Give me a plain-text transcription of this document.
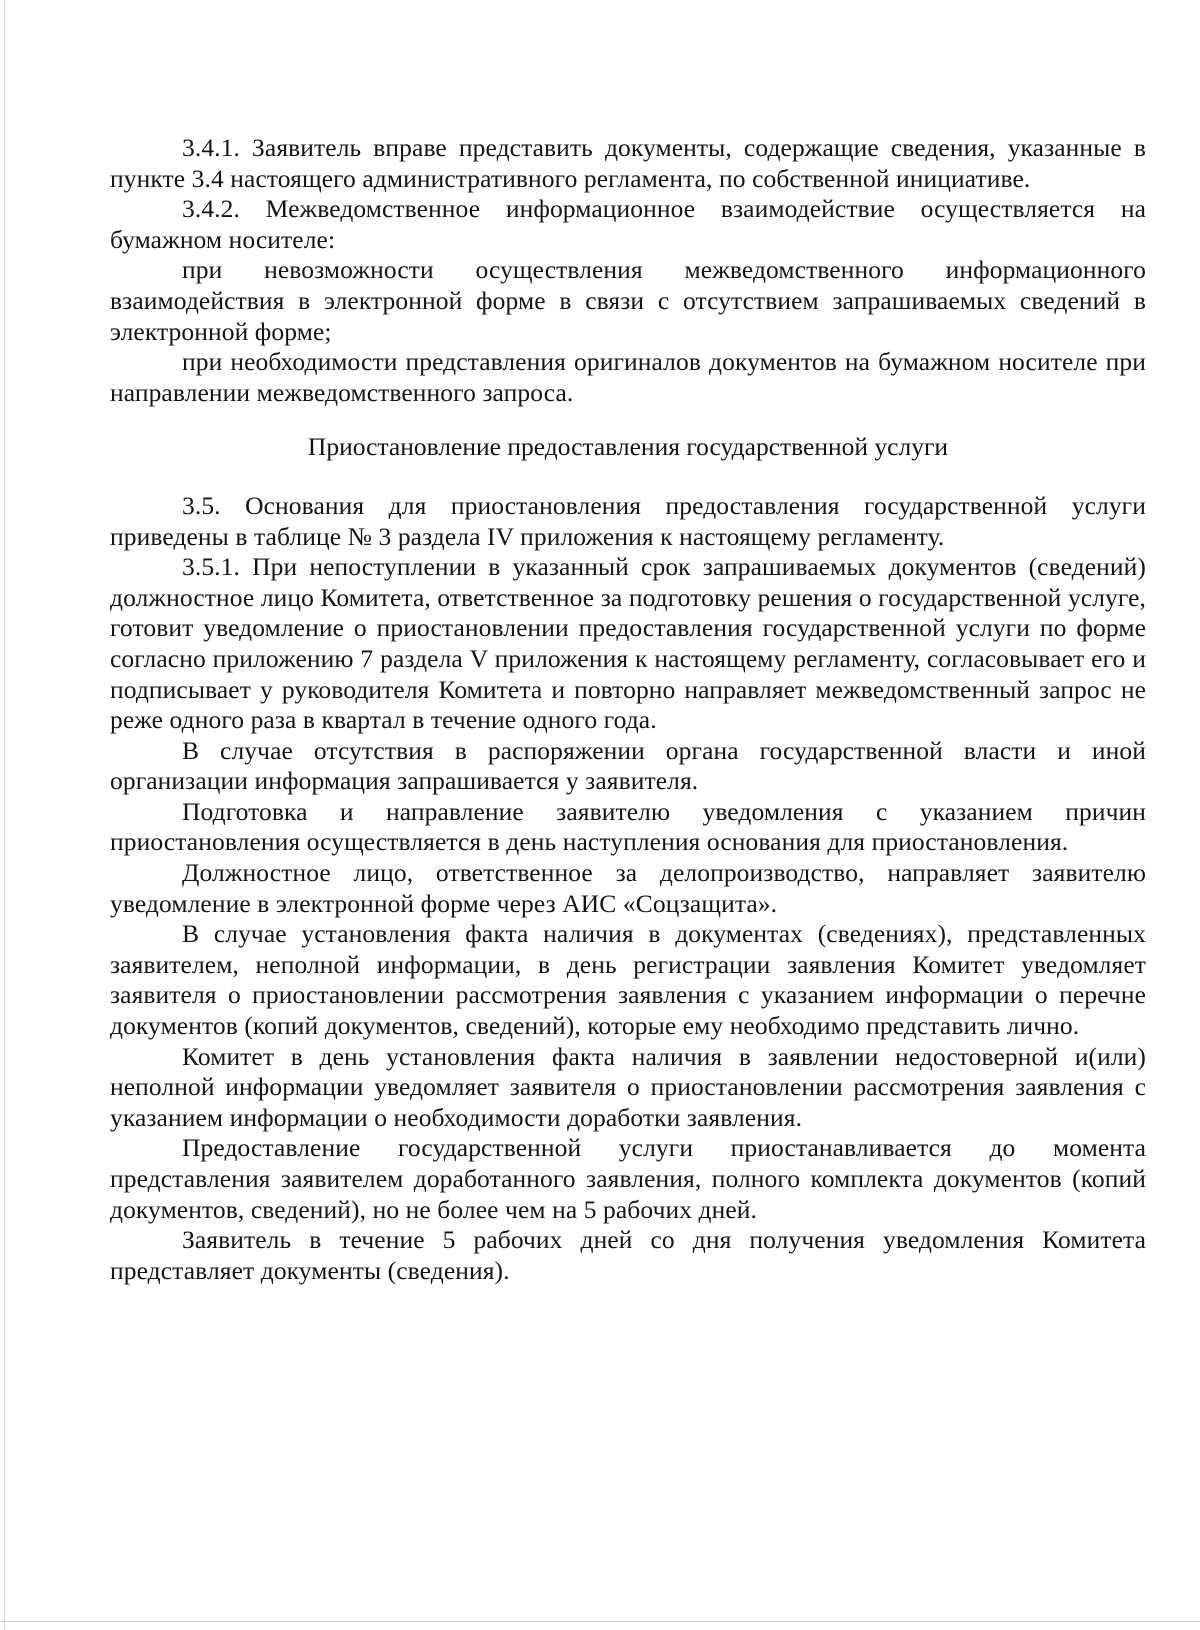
3.4.1. Заявитель вправе представить документы, содержащие сведения, указанные в пункте 3.4 настоящего административного регламента, по собственной инициативе.

3.4.2. Межведомственное информационное взаимодействие осуществляется на бумажном носителе:

при невозможности осуществления межведомственного информационного взаимодействия в электронной форме в связи с отсутствием запрашиваемых сведений в электронной форме;

при необходимости представления оригиналов документов на бумажном носителе при направлении межведомственного запроса.

Приостановление предоставления государственной услуги

3.5. Основания для приостановления предоставления государственной услуги приведены в таблице № 3 раздела IV приложения к настоящему регламенту.

3.5.1. При непоступлении в указанный срок запрашиваемых документов (сведений) должностное лицо Комитета, ответственное за подготовку решения о государственной услуге, готовит уведомление о приостановлении предоставления государственной услуги по форме согласно приложению 7 раздела V приложения к настоящему регламенту, согласовывает его и подписывает у руководителя Комитета и повторно направляет межведомственный запрос не реже одного раза в квартал в течение одного года.

В случае отсутствия в распоряжении органа государственной власти и иной организации информация запрашивается у заявителя.

Подготовка и направление заявителю уведомления с указанием причин приостановления осуществляется в день наступления основания для приостановления.

Должностное лицо, ответственное за делопроизводство, направляет заявителю уведомление в электронной форме через АИС «Соцзащита».

В случае установления факта наличия в документах (сведениях), представленных заявителем, неполной информации, в день регистрации заявления Комитет уведомляет заявителя о приостановлении рассмотрения заявления с указанием информации о перечне документов (копий документов, сведений), которые ему необходимо представить лично.

Комитет в день установления факта наличия в заявлении недостоверной и(или) неполной информации уведомляет заявителя о приостановлении рассмотрения заявления с указанием информации о необходимости доработки заявления.

Предоставление государственной услуги приостанавливается до момента представления заявителем доработанного заявления, полного комплекта документов (копий документов, сведений), но не более чем на 5 рабочих дней.

Заявитель в течение 5 рабочих дней со дня получения уведомления Комитета представляет документы (сведения).
